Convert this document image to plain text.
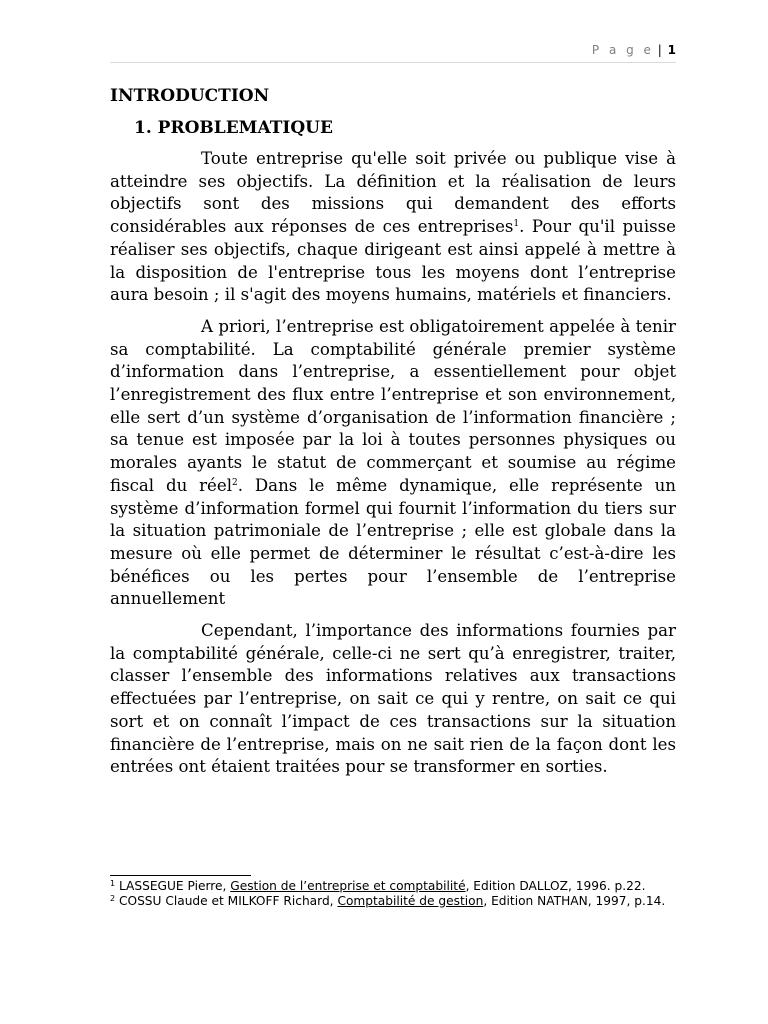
P a g e | 1
INTRODUCTION
1. PROBLEMATIQUE

Toute entreprise qu'elle soit privée ou publique vise à atteindre ses objectifs. La définition et la réalisation de leurs objectifs sont des missions qui demandent des efforts considérables aux réponses de ces entreprises$^1$. Pour qu'il puisse réaliser ses objectifs, chaque dirigeant est ainsi appelé à mettre à la disposition de l'entreprise tous les moyens dont l’entreprise aura besoin ; il s'agit des moyens humains, matériels et financiers.

A priori, l’entreprise est obligatoirement appelée à tenir sa comptabilité. La comptabilité générale premier système d’information dans l’entreprise, a essentiellement pour objet l’enregistrement des flux entre l’entreprise et son environnement, elle sert d’un système d’organisation de l’information financière ; sa tenue est imposée par la loi à toutes personnes physiques ou morales ayants le statut de commerçant et soumise au régime fiscal du réel$^2$. Dans le même dynamique, elle représente un système d’information formel qui fournit l’information du tiers sur la situation patrimoniale de l’entreprise ; elle est globale dans la mesure où elle permet de déterminer le résultat c’est-à-dire les bénéfices ou les pertes pour l’ensemble de l’entreprise annuellement

Cependant, l’importance des informations fournies par la comptabilité générale, celle-ci ne sert qu’à enregistrer, traiter, classer l’ensemble des informations relatives aux transactions effectuées par l’entreprise, on sait ce qui y rentre, on sait ce qui sort et on connaît l’impact de ces transactions sur la situation financière de l’entreprise, mais on ne sait rien de la façon dont les entrées ont étaient traitées pour se transformer en sorties.

$^1$ LASSEGUE Pierre, Gestion de l’entreprise et comptabilité, Edition DALLOZ, 1996. p.22.

$^2$ COSSU Claude et MILKOFF Richard, Comptabilité de gestion, Edition NATHAN, 1997, p.14.
